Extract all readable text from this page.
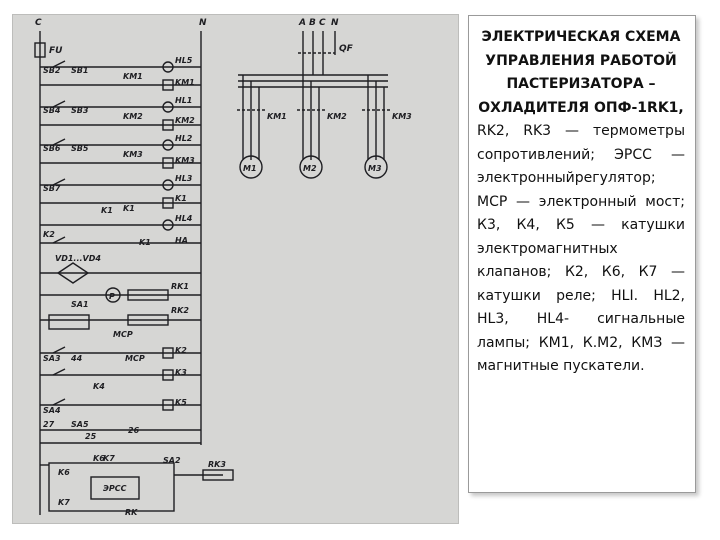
C	N	A B C N
FU	QF
SB2 SB1
SB4 SB3
SB6 SB5
SB7
K2
VD1...VD4
SA1
SA3 44
SA4
27 SA5
25
K4
K6
K7
K1
K6
K7
HL5
KM1
HL1
KM2
HL2
KM3
HL3
K1
HL4
HA
RK1
RK2
K2
K3
K5
SA2	RK3
RK
26
KM1
KM2
KM3
K1
K1
P
MCP
MCP
ЭРСС
M1	M2	M3
KM1	KM2	KM3
ЭЛЕКТРИЧЕСКАЯ СХЕМА УПРАВЛЕНИЯ РАБОТОЙ ПАСТЕРИЗАТОРА – ОХЛАДИТЕЛЯ ОПФ-1RK1,
RK2, RK3 — термометры сопротивлений; ЭРСС — электронныйрегулятор; МСР — электронный мост; К3, К4, К5 — катушки электромагнитных клапанов; К2, К6, К7 — катушки реле; HLI. HL2, HL3, HL4- сигнальные лампы; КМ1, К.М2, КМЗ — магнитные пускатели.
